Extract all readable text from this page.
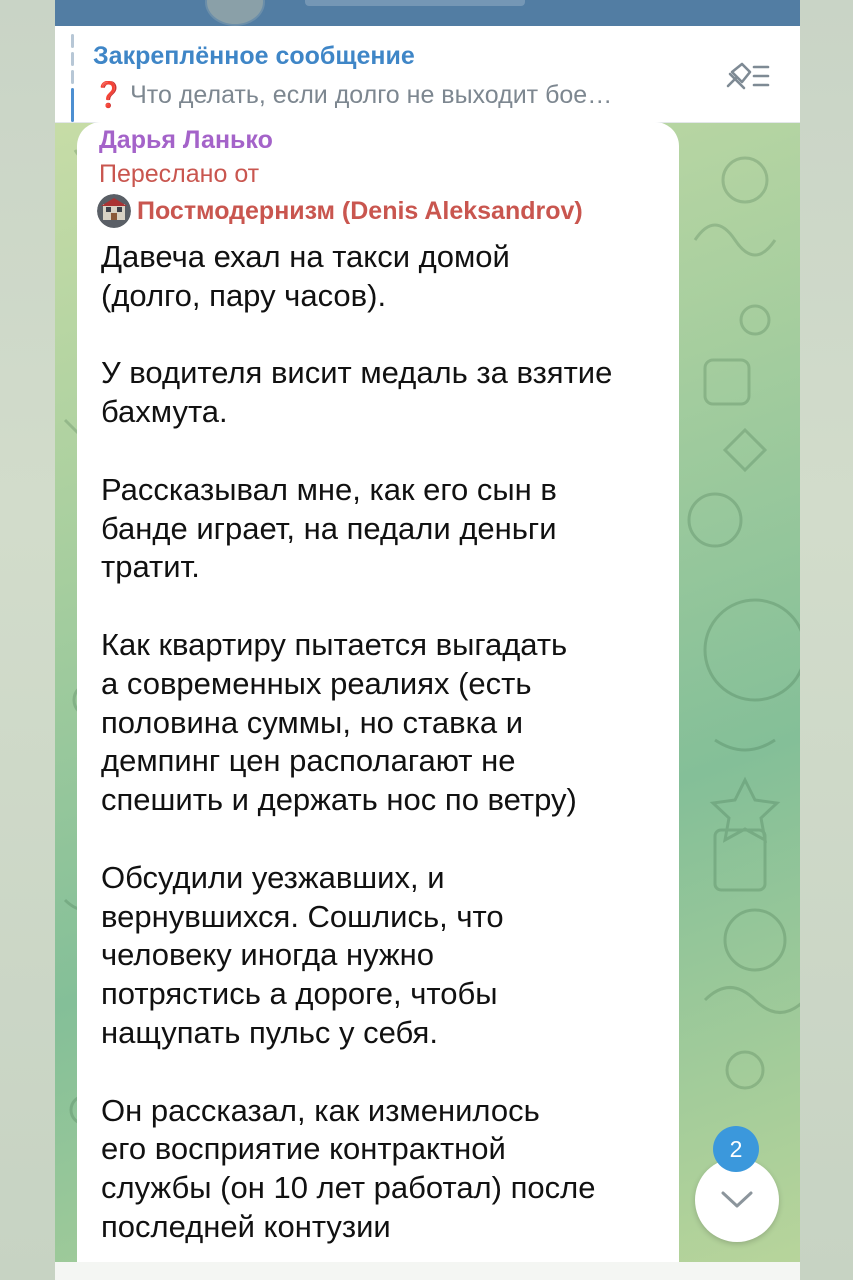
Закреплённое сообщение
❓ Что делать, если долго не выходит бое…
Дарья Ланько
Переслано от
Постмодернизм (Denis Aleksandrov)

Давеча ехал на такси домой
(долго, пару часов).

У водителя висит медаль за взятие
бахмута.

Рассказывал мне, как его сын в
банде играет, на педали деньги
тратит.

Как квартиру пытается выгадать
а современных реалиях (есть
половина суммы, но ставка и
демпинг цен располагают не
спешить и держать нос по ветру)

Обсудили уезжавших, и
вернувшихся. Сошлись, что
человеку иногда нужно
потрястись а дороге, чтобы
нащупать пульс у себя.

Он рассказал, как изменилось
его восприятие контрактной
службы (он 10 лет работал) после
последней контузии

2
